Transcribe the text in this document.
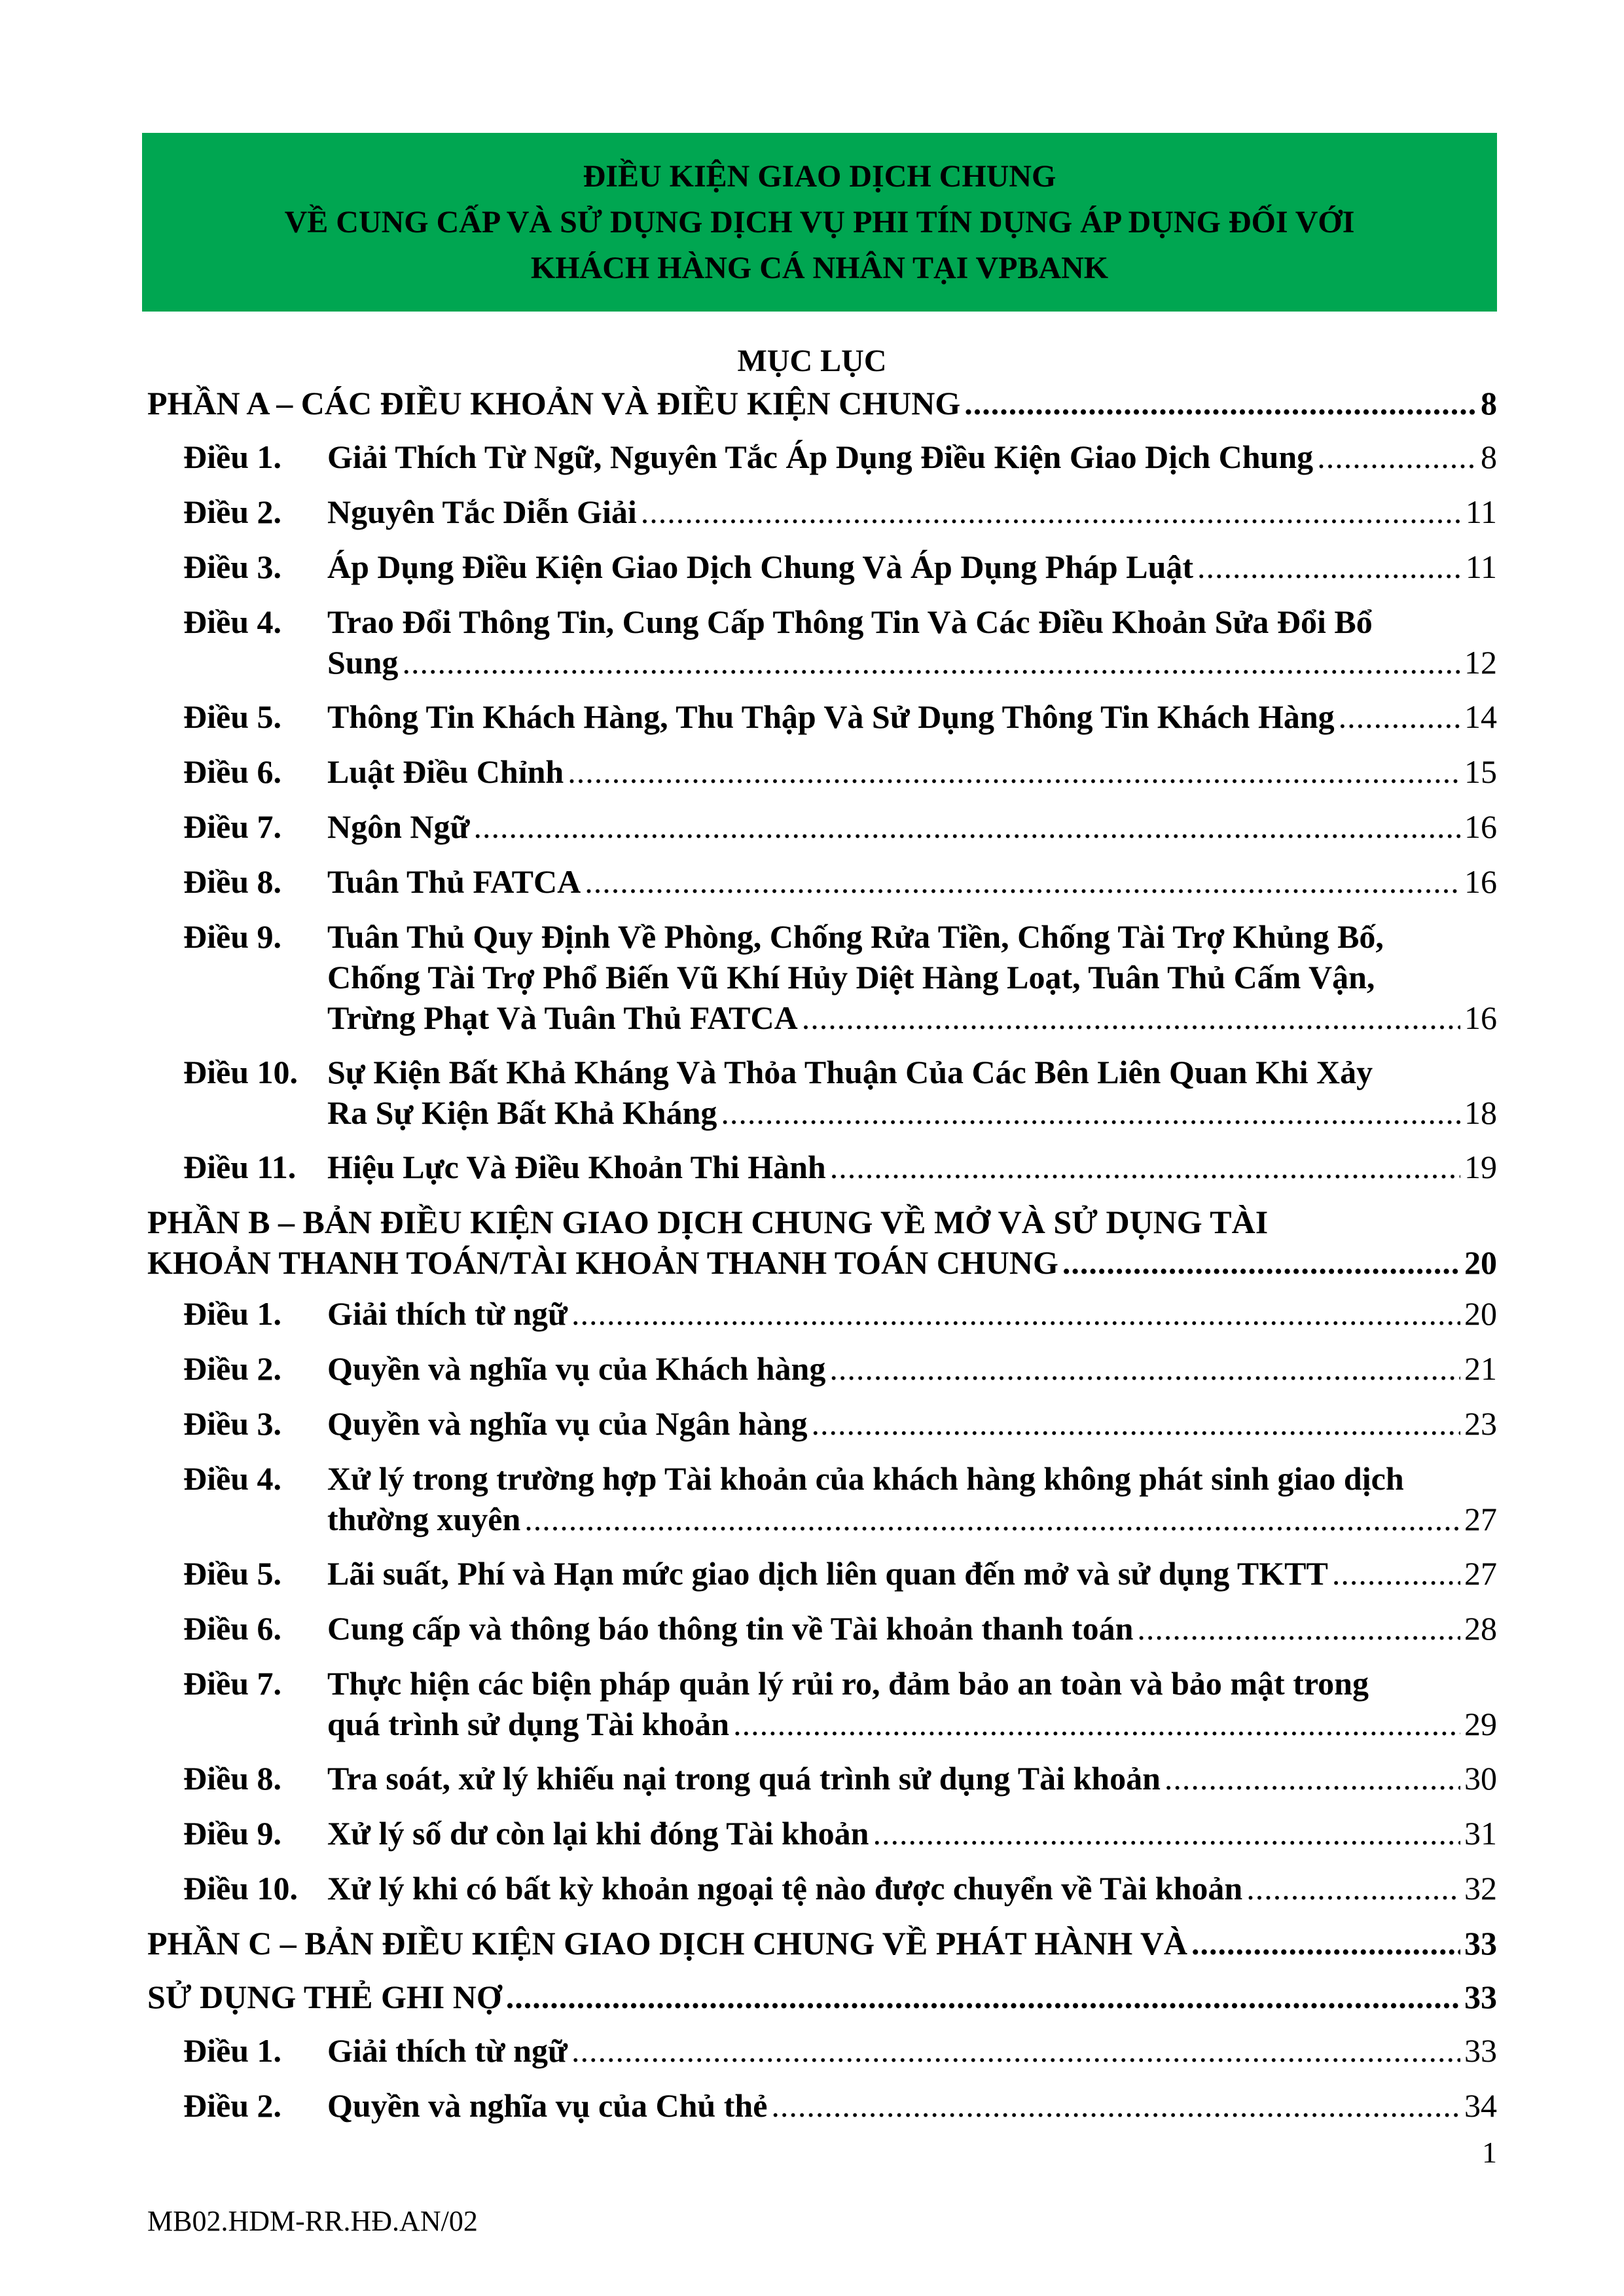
ĐIỀU KIỆN GIAO DỊCH CHUNG
VỀ CUNG CẤP VÀ SỬ DỤNG DỊCH VỤ PHI TÍN DỤNG ÁP DỤNG ĐỐI VỚI
KHÁCH HÀNG CÁ NHÂN TẠI VPBANK
MỤC LỤC
PHẦN A – CÁC ĐIỀU KHOẢN VÀ ĐIỀU KIỆN CHUNG .....	8
Điều 1. Giải Thích Từ Ngữ, Nguyên Tắc Áp Dụng Điều Kiện Giao Dịch Chung .....	8
Điều 2. Nguyên Tắc Diễn Giải .....	11
Điều 3. Áp Dụng Điều Kiện Giao Dịch Chung Và Áp Dụng Pháp Luật .....	11
Điều 4. Trao Đổi Thông Tin, Cung Cấp Thông Tin Và Các Điều Khoản Sửa Đổi Bổ
Sung .....	12
Điều 5. Thông Tin Khách Hàng, Thu Thập Và Sử Dụng Thông Tin Khách Hàng .....	14
Điều 6. Luật Điều Chỉnh .....	15
Điều 7. Ngôn Ngữ .....	16
Điều 8. Tuân Thủ FATCA .....	16
Điều 9. Tuân Thủ Quy Định Về Phòng, Chống Rửa Tiền, Chống Tài Trợ Khủng Bố,
Chống Tài Trợ Phổ Biến Vũ Khí Hủy Diệt Hàng Loạt, Tuân Thủ Cấm Vận,
Trừng Phạt Và Tuân Thủ FATCA .....	16
Điều 10. Sự Kiện Bất Khả Kháng Và Thỏa Thuận Của Các Bên Liên Quan Khi Xảy
Ra Sự Kiện Bất Khả Kháng .....	18
Điều 11. Hiệu Lực Và Điều Khoản Thi Hành .....	19
PHẦN B – BẢN ĐIỀU KIỆN GIAO DỊCH CHUNG VỀ MỞ VÀ SỬ DỤNG TÀI
KHOẢN THANH TOÁN/TÀI KHOẢN THANH TOÁN CHUNG .....	20
Điều 1. Giải thích từ ngữ .....	20
Điều 2. Quyền và nghĩa vụ của Khách hàng .....	21
Điều 3. Quyền và nghĩa vụ của Ngân hàng .....	23
Điều 4. Xử lý trong trường hợp Tài khoản của khách hàng không phát sinh giao dịch
thường xuyên .....	27
Điều 5. Lãi suất, Phí và Hạn mức giao dịch liên quan đến mở và sử dụng TKTT .....	27
Điều 6. Cung cấp và thông báo thông tin về Tài khoản thanh toán .....	28
Điều 7. Thực hiện các biện pháp quản lý rủi ro, đảm bảo an toàn và bảo mật trong
quá trình sử dụng Tài khoản .....	29
Điều 8. Tra soát, xử lý khiếu nại trong quá trình sử dụng Tài khoản .....	30
Điều 9. Xử lý số dư còn lại khi đóng Tài khoản .....	31
Điều 10. Xử lý khi có bất kỳ khoản ngoại tệ nào được chuyển về Tài khoản .....	32
PHẦN C – BẢN ĐIỀU KIỆN GIAO DỊCH CHUNG VỀ PHÁT HÀNH VÀ .....	33
SỬ DỤNG THẺ GHI NỢ .....	33
Điều 1. Giải thích từ ngữ .....	33
Điều 2. Quyền và nghĩa vụ của Chủ thẻ .....	34
1
MB02.HDM-RR.HĐ.AN/02
